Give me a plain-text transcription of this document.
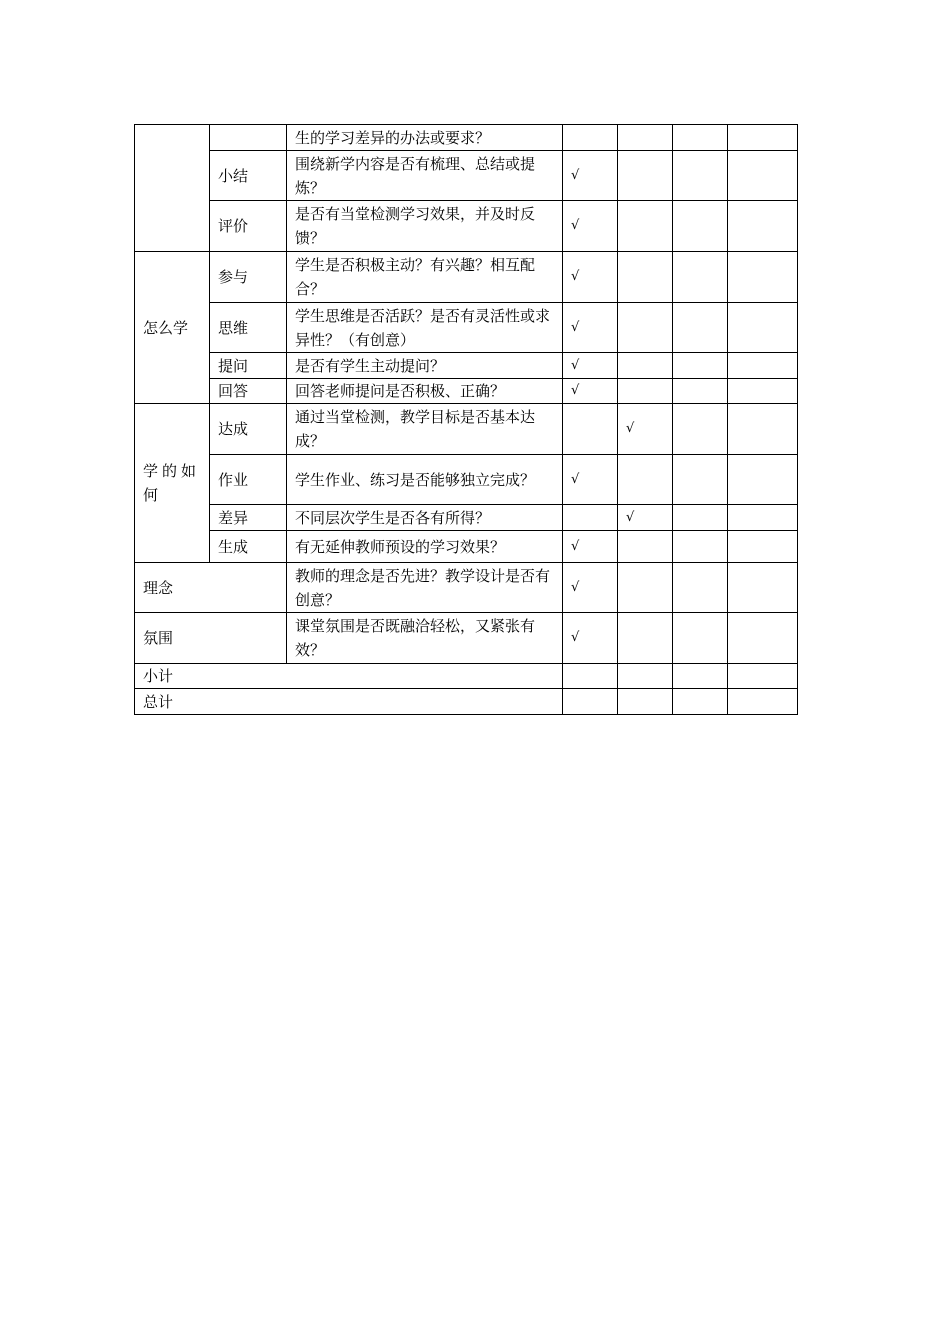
		生的学习差异的办法或要求？				
	小结	围绕新学内容是否有梳理、总结或提炼？	√			
	评价	是否有当堂检测学习效果，并及时反馈？	√			
怎么学	参与	学生是否积极主动？有兴趣？相互配合？	√			
	思维	学生思维是否活跃？是否有灵活性或求异性？（有创意）	√			
	提问	是否有学生主动提问？	√			
	回答	回答老师提问是否积极、正确？	√			
学的如何	达成	通过当堂检测，教学目标是否基本达成？		√		
	作业	学生作业、练习是否能够独立完成？	√			
	差异	不同层次学生是否各有所得？		√		
	生成	有无延伸教师预设的学习效果？	√			
理念		教师的理念是否先进？教学设计是否有创意？	√			
氛围		课堂氛围是否既融洽轻松，又紧张有效？	√			
小计						
总计						
